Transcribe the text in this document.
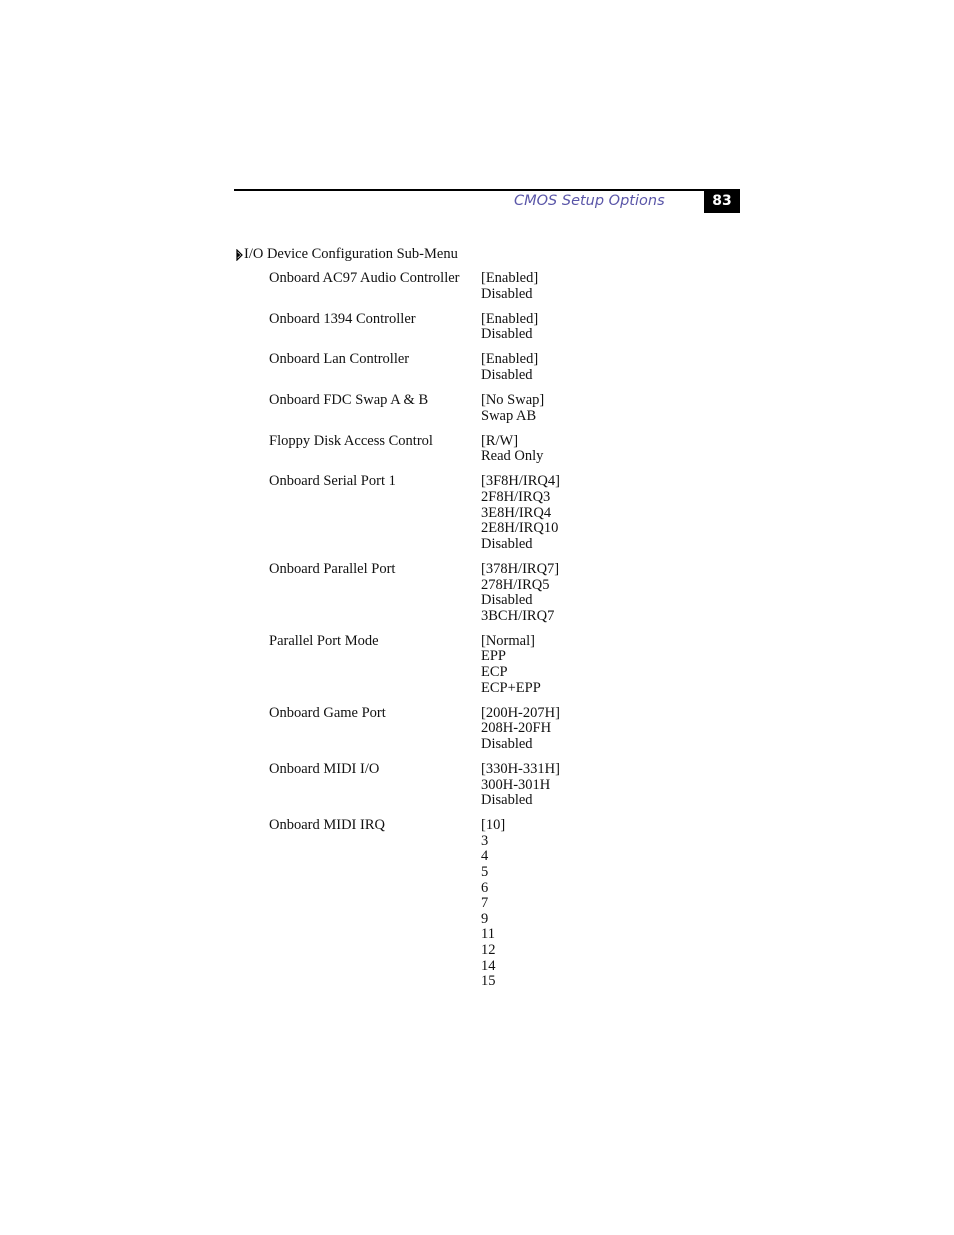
CMOS Setup Options	83
I/O Device Configuration Sub-Menu
Onboard AC97 Audio Controller	[Enabled]
Disabled
Onboard 1394 Controller	[Enabled]
Disabled
Onboard Lan Controller	[Enabled]
Disabled
Onboard FDC Swap A & B	[No Swap]
Swap AB
Floppy Disk Access Control	[R/W]
Read Only
Onboard Serial Port 1	[3F8H/IRQ4]
2F8H/IRQ3
3E8H/IRQ4
2E8H/IRQ10
Disabled
Onboard Parallel Port	[378H/IRQ7]
278H/IRQ5
Disabled
3BCH/IRQ7
Parallel Port Mode	[Normal]
EPP
ECP
ECP+EPP
Onboard Game Port	[200H-207H]
208H-20FH
Disabled
Onboard MIDI I/O	[330H-331H]
300H-301H
Disabled
Onboard MIDI IRQ	[10]
3
4
5
6
7
9
11
12
14
15
